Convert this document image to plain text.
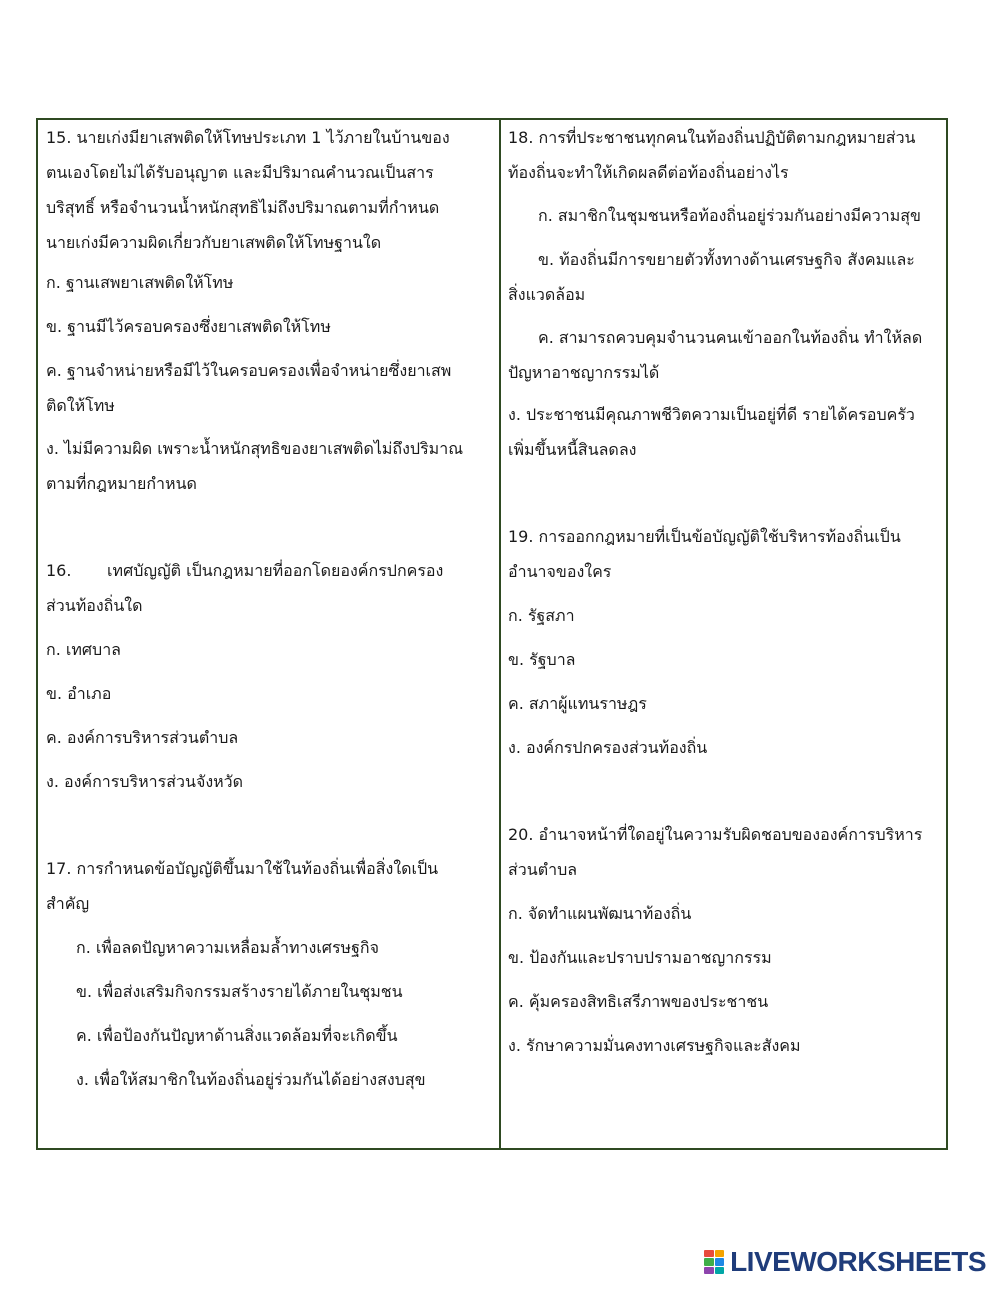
15. นายเก่งมียาเสพติดให้โทษประเภท 1 ไว้ภายในบ้านของ

ตนเองโดยไม่ได้รับอนุญาต และมีปริมาณคำนวณเป็นสาร

บริสุทธิ์ หรือจำนวนน้ำหนักสุทธิไม่ถึงปริมาณตามที่กำหนด

นายเก่งมีความผิดเกี่ยวกับยาเสพติดให้โทษฐานใด

ก. ฐานเสพยาเสพติดให้โทษ

ข. ฐานมีไว้ครอบครองซึ่งยาเสพติดให้โทษ

ค. ฐานจำหน่ายหรือมีไว้ในครอบครองเพื่อจำหน่ายซึ่งยาเสพ

ติดให้โทษ

ง. ไม่มีความผิด เพราะน้ำหนักสุทธิของยาเสพติดไม่ถึงปริมาณ

ตามที่กฎหมายกำหนด

16.       เทศบัญญัติ เป็นกฎหมายที่ออกโดยองค์กรปกครอง

ส่วนท้องถิ่นใด

ก. เทศบาล

ข. อำเภอ

ค. องค์การบริหารส่วนตำบล

ง. องค์การบริหารส่วนจังหวัด

17. การกำหนดข้อบัญญัติขึ้นมาใช้ในท้องถิ่นเพื่อสิ่งใดเป็น

สำคัญ

ก. เพื่อลดปัญหาความเหลื่อมล้ำทางเศรษฐกิจ

ข. เพื่อส่งเสริมกิจกรรมสร้างรายได้ภายในชุมชน

ค. เพื่อป้องกันปัญหาด้านสิ่งแวดล้อมที่จะเกิดขึ้น

ง. เพื่อให้สมาชิกในท้องถิ่นอยู่ร่วมกันได้อย่างสงบสุข

18. การที่ประชาชนทุกคนในท้องถิ่นปฏิบัติตามกฎหมายส่วน

ท้องถิ่นจะทำให้เกิดผลดีต่อท้องถิ่นอย่างไร

ก. สมาชิกในชุมชนหรือท้องถิ่นอยู่ร่วมกันอย่างมีความสุข

ข. ท้องถิ่นมีการขยายตัวทั้งทางด้านเศรษฐกิจ สังคมและ

สิ่งแวดล้อม

ค. สามารถควบคุมจำนวนคนเข้าออกในท้องถิ่น ทำให้ลด

ปัญหาอาชญากรรมได้

ง. ประชาชนมีคุณภาพชีวิตความเป็นอยู่ที่ดี รายได้ครอบครัว

เพิ่มขึ้นหนี้สินลดลง

19. การออกกฎหมายที่เป็นข้อบัญญัติใช้บริหารท้องถิ่นเป็น

อำนาจของใคร

ก. รัฐสภา

ข. รัฐบาล

ค. สภาผู้แทนราษฎร

ง. องค์กรปกครองส่วนท้องถิ่น

20. อำนาจหน้าที่ใดอยู่ในความรับผิดชอบขององค์การบริหาร

ส่วนตำบล

ก. จัดทำแผนพัฒนาท้องถิ่น

ข. ป้องกันและปราบปรามอาชญากรรม

ค. คุ้มครองสิทธิเสรีภาพของประชาชน

ง. รักษาความมั่นคงทางเศรษฐกิจและสังคม

LIVEWORKSHEETS
